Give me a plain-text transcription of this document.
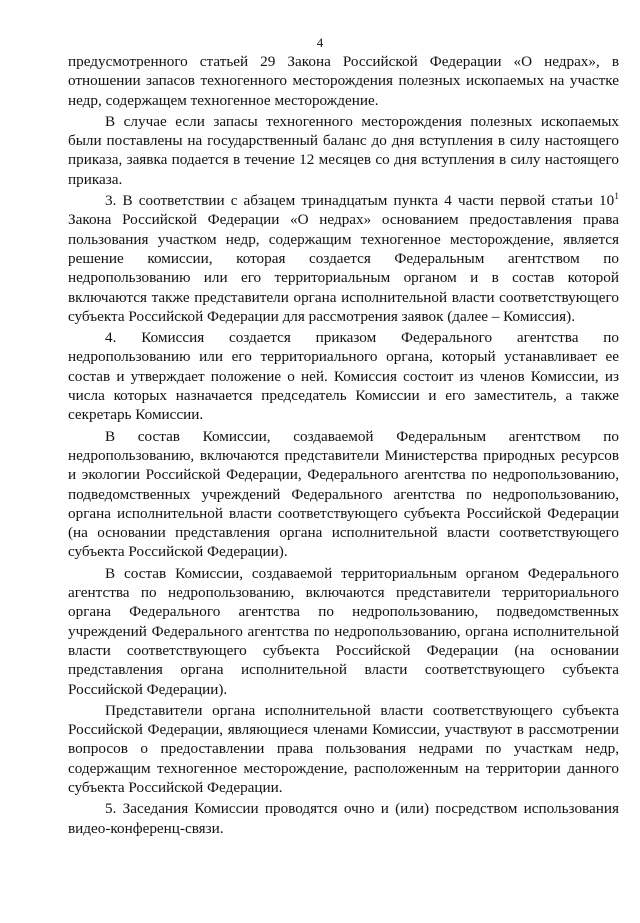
4

предусмотренного статьей 29 Закона Российской Федерации «О недрах», в отношении запасов техногенного месторождения полезных ископаемых на участке недр, содержащем техногенное месторождение.

В случае если запасы техногенного месторождения полезных ископаемых были поставлены на государственный баланс до дня вступления в силу настоящего приказа, заявка подается в течение 12 месяцев со дня вступления в силу настоящего приказа.

3. В соответствии с абзацем тринадцатым пункта 4 части первой статьи $10^1$ Закона Российской Федерации «О недрах» основанием предоставления права пользования участком недр, содержащим техногенное месторождение, является решение комиссии, которая создается Федеральным агентством по недропользованию или его территориальным органом и в состав которой включаются также представители органа исполнительной власти соответствующего субъекта Российской Федерации для рассмотрения заявок (далее – Комиссия).

4. Комиссия создается приказом Федерального агентства по недропользованию или его территориального органа, который устанавливает ее состав и утверждает положение о ней. Комиссия состоит из членов Комиссии, из числа которых назначается председатель Комиссии и его заместитель, а также секретарь Комиссии.

В состав Комиссии, создаваемой Федеральным агентством по недропользованию, включаются представители Министерства природных ресурсов и экологии Российской Федерации, Федерального агентства по недропользованию, подведомственных учреждений Федерального агентства по недропользованию, органа исполнительной власти соответствующего субъекта Российской Федерации (на основании представления органа исполнительной власти соответствующего субъекта Российской Федерации).

В состав Комиссии, создаваемой территориальным органом Федерального агентства по недропользованию, включаются представители территориального органа Федерального агентства по недропользованию, подведомственных учреждений Федерального агентства по недропользованию, органа исполнительной власти соответствующего субъекта Российской Федерации (на основании представления органа исполнительной власти соответствующего субъекта Российской Федерации).

Представители органа исполнительной власти соответствующего субъекта Российской Федерации, являющиеся членами Комиссии, участвуют в рассмотрении вопросов о предоставлении права пользования недрами по участкам недр, содержащим техногенное месторождение, расположенным на территории данного субъекта Российской Федерации.

5. Заседания Комиссии проводятся очно и (или) посредством использования видео-конференц-связи.
